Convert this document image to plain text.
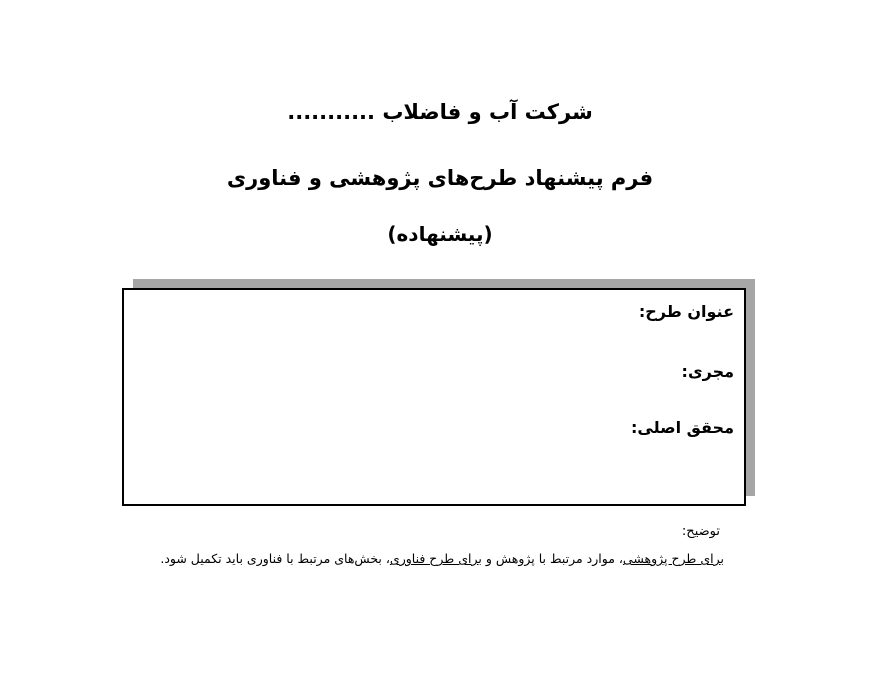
شرکت آب و فاضلاب ...........
فرم پیشنهاد طرح‌های پژوهشی و فناوری
(پیشنهاده)
عنوان طرح:
مجری:
محقق اصلی:
توضیح:
برای طرح پژوهشی، موارد مرتبط با پژوهش و برای طرح فناوری، بخش‌های مرتبط با فناوری باید تکمیل شود.
